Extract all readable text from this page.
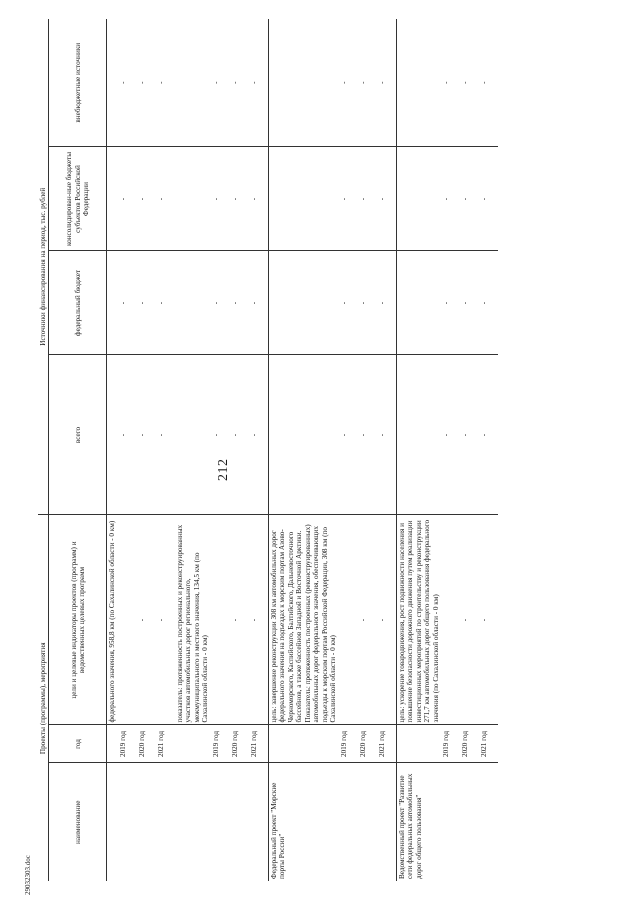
29032303.doc
212
Проекты (программы), мероприятия			Источники финансирования на период, тыс. рублей			
наименование	год	цели и целевые индикаторы проектов (программ) и ведомственных целевых программ	всего	федеральный бюджет	консолидирован-ные бюджеты субъектов Российской Федерации	внебюджетные источники
		федерального значения, 958,8 км (по Сахалинской области - 0 км)				
	2019 год		-	-	-	-
	2020 год	-	-	-	-	-
	2021 год	-	-	-	-	-
		показатель: протяженность построенных и реконструированных участков автомобильных дорог регионального, межмуниципального и местного значения, 134,5 км (по Сахалинской области - 0 км)				
	2019 год		-	-	-	-
	2020 год	-	-	-	-	-
	2021 год	-	-	-	-	-
Федеральный проект "Морские порты России"		цель: завершение реконструкции 308 км автомобильных дорог федерального значения на подъездах к морским портам Азово-Черноморского, Каспийского, Балтийского, Дальневосточного бассейнов, а также бассейнов Западной и Восточной Арктики. Показатель: протяженность построенных (реконструированных) автомобильных дорог федерального значения, обеспечивающих подъезды к морским портам Российской Федерации, 308 км (по Сахалинской области - 0 км)				

	2019 год		-	-	-	-
	2020 год	-	-	-	-	-
	2021 год	-	-	-	-	-
Ведомственный проект "Развитие сети федеральных автомобильных дорог общего пользования"		цель: ускорение товародвижения, рост подвижности населения и повышение безопасности дорожного движения путем реализации инвестиционных мероприятий по строительству и реконструкции 271,7 км автомобильных дорог общего пользования федерального значения (по Сахалинской области - 0 км)				
	2019 год		-	-	-	-
	2020 год	-	-	-	-	-
	2021 год	-	-	-	-	-
